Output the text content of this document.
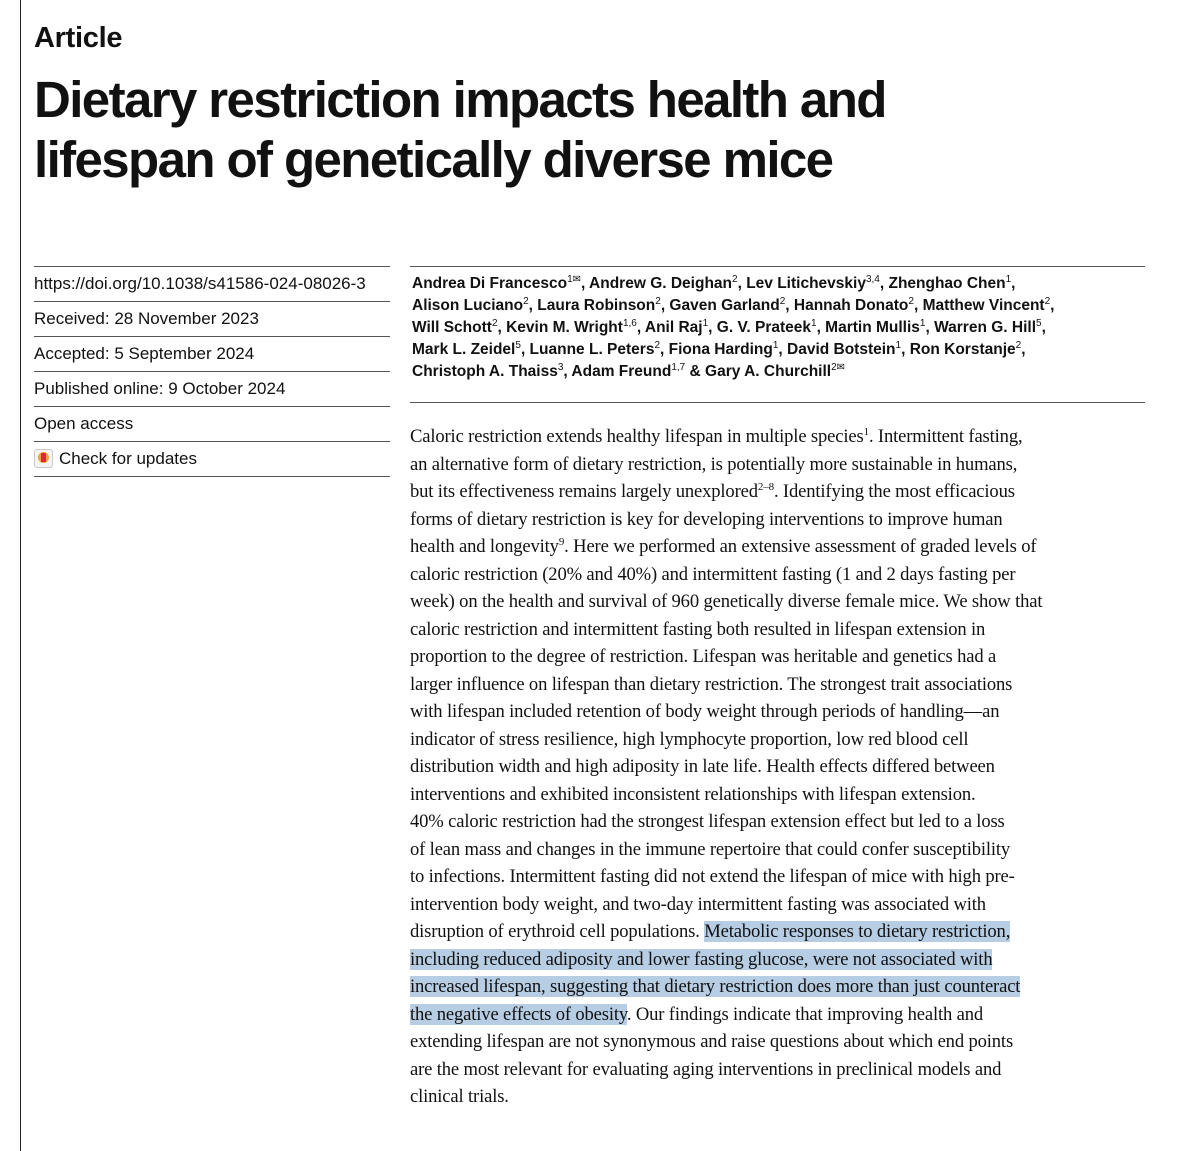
Article
Dietary restriction impacts health and
lifespan of genetically diverse mice
https://doi.org/10.1038/s41586-024-08026-3
Received: 28 November 2023
Accepted: 5 September 2024
Published online: 9 October 2024
Open access
Check for updates
Andrea Di Francesco$^{1✉}$, Andrew G. Deighan$^2$, Lev Litichevskiy$^{3,4}$, Zhenghao Chen$^1$,
Alison Luciano$^2$, Laura Robinson$^2$, Gaven Garland$^2$, Hannah Donato$^2$, Matthew Vincent$^2$,
Will Schott$^2$, Kevin M. Wright$^{1,6}$, Anil Raj$^1$, G. V. Prateek$^1$, Martin Mullis$^1$, Warren G. Hill$^5$,
Mark L. Zeidel$^5$, Luanne L. Peters$^2$, Fiona Harding$^1$, David Botstein$^1$, Ron Korstanje$^2$,
Christoph A. Thaiss$^3$, Adam Freund$^{1,7}$ & Gary A. Churchill$^{2✉}$
Caloric restriction extends healthy lifespan in multiple species$^1$. Intermittent fasting,
an alternative form of dietary restriction, is potentially more sustainable in humans,
but its effectiveness remains largely unexplored$^{2-8}$. Identifying the most efficacious
forms of dietary restriction is key for developing interventions to improve human
health and longevity$^9$. Here we performed an extensive assessment of graded levels of
caloric restriction (20% and 40%) and intermittent fasting (1 and 2 days fasting per
week) on the health and survival of 960 genetically diverse female mice. We show that
caloric restriction and intermittent fasting both resulted in lifespan extension in
proportion to the degree of restriction. Lifespan was heritable and genetics had a
larger influence on lifespan than dietary restriction. The strongest trait associations
with lifespan included retention of body weight through periods of handling—an
indicator of stress resilience, high lymphocyte proportion, low red blood cell
distribution width and high adiposity in late life. Health effects differed between
interventions and exhibited inconsistent relationships with lifespan extension.
40% caloric restriction had the strongest lifespan extension effect but led to a loss
of lean mass and changes in the immune repertoire that could confer susceptibility
to infections. Intermittent fasting did not extend the lifespan of mice with high pre-
intervention body weight, and two-day intermittent fasting was associated with
disruption of erythroid cell populations. Metabolic responses to dietary restriction,
including reduced adiposity and lower fasting glucose, were not associated with
increased lifespan, suggesting that dietary restriction does more than just counteract
the negative effects of obesity. Our findings indicate that improving health and
extending lifespan are not synonymous and raise questions about which end points
are the most relevant for evaluating aging interventions in preclinical models and
clinical trials.
